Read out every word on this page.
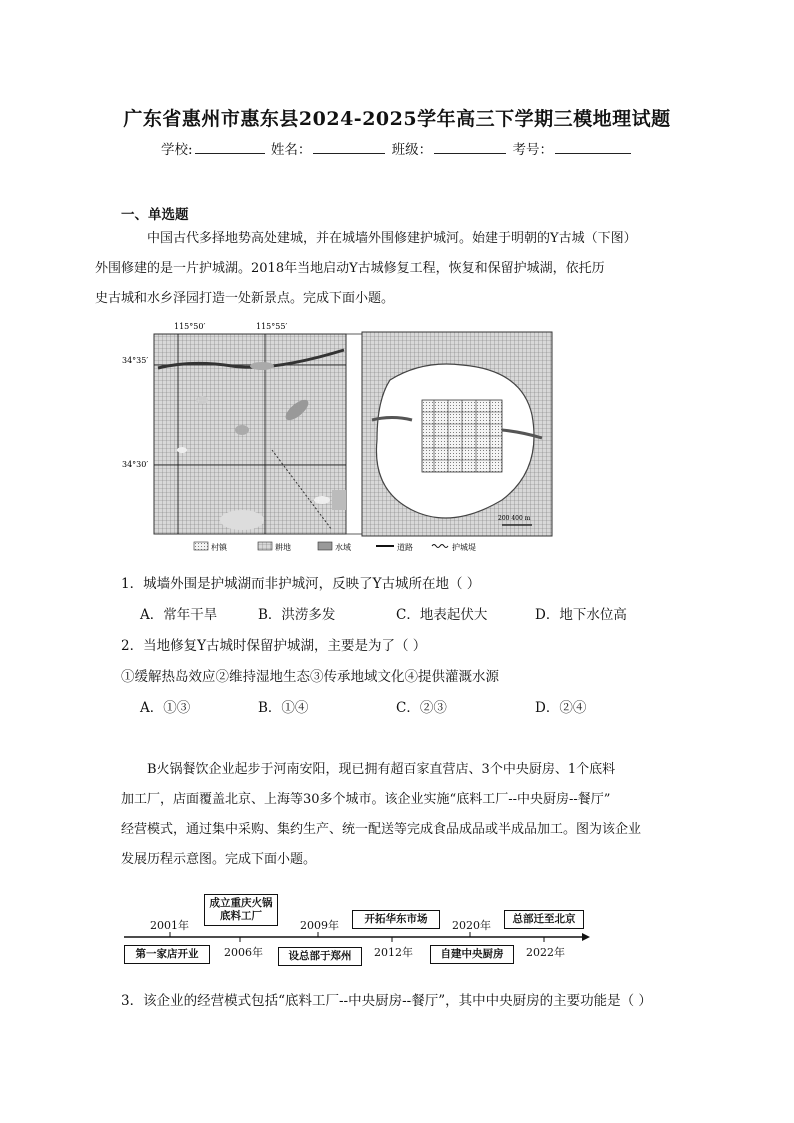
广东省惠州市惠东县2024-2025学年高三下学期三模地理试题
学校:	姓名：	班级：	考号：
一、单选题
中国古代多择地势高处建城，并在城墙外围修建护城河。始建于明朝的Y古城（下图）
外围修建的是一片护城湖。2018年当地启动Y古城修复工程，恢复和保留护城湖，依托历
史古城和水乡泽园打造一处新景点。完成下面小题。
115°50′	115°55′
34°35′
34°30′
200 400 m
村镇	耕地	水域	道路	护城堤
1．城墙外围是护城湖而非护城河，反映了Y古城所在地（ ）
A．常年干旱	B．洪涝多发	C．地表起伏大	D．地下水位高
2．当地修复Y古城时保留护城湖，主要是为了（ ）
①缓解热岛效应②维持湿地生态③传承地域文化④提供灌溉水源
A．①③	B．①④	C．②③	D．②④
B火锅餐饮企业起步于河南安阳，现已拥有超百家直营店、3个中央厨房、1个底料
加工厂，店面覆盖北京、上海等30多个城市。该企业实施“底料工厂--中央厨房--餐厅”
经营模式，通过集中采购、集约生产、统一配送等完成食品成品或半成品加工。图为该企业
发展历程示意图。完成下面小题。
2001年	2009年	2020年
2006年	2012年	2022年
成立重庆火锅底料工厂	开拓华东市场	总部迁至北京
第一家店开业	设总部于郑州	自建中央厨房
3．该企业的经营模式包括“底料工厂--中央厨房--餐厅”，其中中央厨房的主要功能是（ ）
